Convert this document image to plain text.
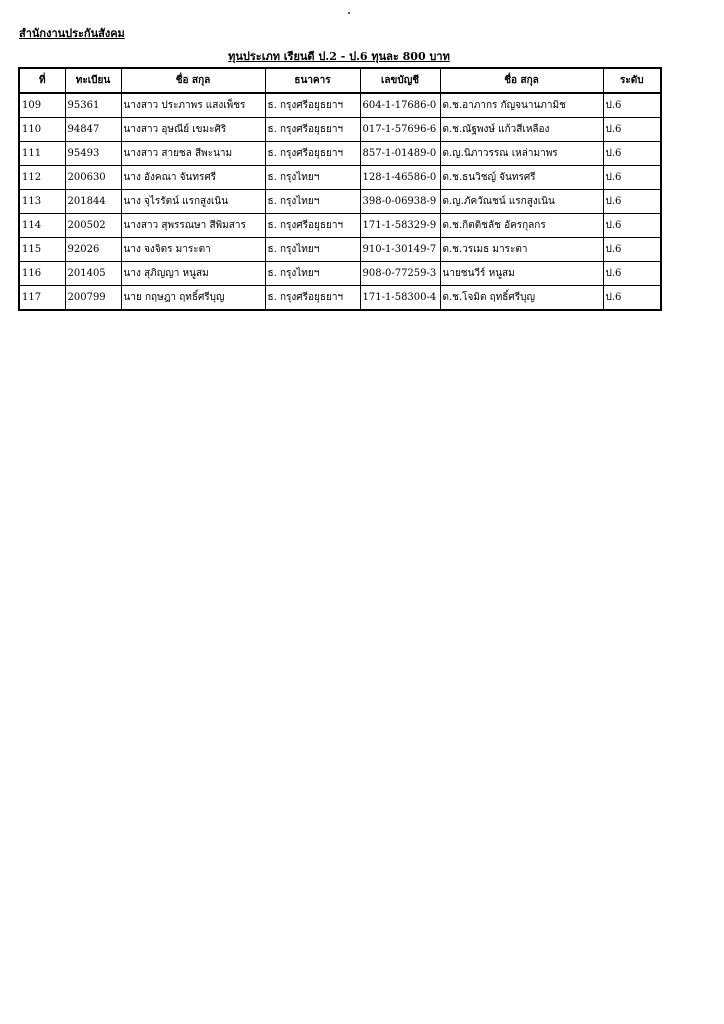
สำนักงานประกันสังคม
ทุนประเภท เรียนดี ป.2 - ป.6 ทุนละ 800 บาท
ที่	ทะเบียน	ชื่อ สกุล	ธนาคาร	เลขบัญชี	ชื่อ สกุล	ระดับ
109	95361	นางสาว ประภาพร แสงเพ็ชร	ธ. กรุงศรีอยุธยาฯ	604-1-17686-0	ด.ช.อาภากร กัญจนานภามิช	ป.6
110	94847	นางสาว อุษณีย์ เขมะศิริ	ธ. กรุงศรีอยุธยาฯ	017-1-57696-6	ด.ช.ณัฐพงษ์ แก้วสีเหลือง	ป.6
111	95493	นางสาว สายชล สีพะนาม	ธ. กรุงศรีอยุธยาฯ	857-1-01489-0	ด.ญ.นิภาวรรณ เหล่ามาพร	ป.6
112	200630	นาง อังคณา จันทรศรี	ธ. กรุงไทยฯ	128-1-46586-0	ด.ช.ธนวิชญ์ จันทรศรี	ป.6
113	201844	นาง จุไรรัตน์ แรกสูงเนิน	ธ. กรุงไทยฯ	398-0-06938-9	ด.ญ.ภัควัณชน์ แรกสูงเนิน	ป.6
114	200502	นางสาว สุพรรณษา สีพิมสาร	ธ. กรุงศรีอยุธยาฯ	171-1-58329-9	ด.ช.กิตติชลัช อัครกุลกร	ป.6
115	92026	นาง จงจิตร มาระตา	ธ. กรุงไทยฯ	910-1-30149-7	ด.ช.วรเมธ มาระตา	ป.6
116	201405	นาง สุภิญญา หนูสม	ธ. กรุงไทยฯ	908-0-77259-3	นายชนวีร์ หนูสม	ป.6
117	200799	นาย กฤษฎา ฤทธิ์ศรีบุญ	ธ. กรุงศรีอยุธยาฯ	171-1-58300-4	ด.ช.โจมิต ฤทธิ์ศรีบุญ	ป.6
